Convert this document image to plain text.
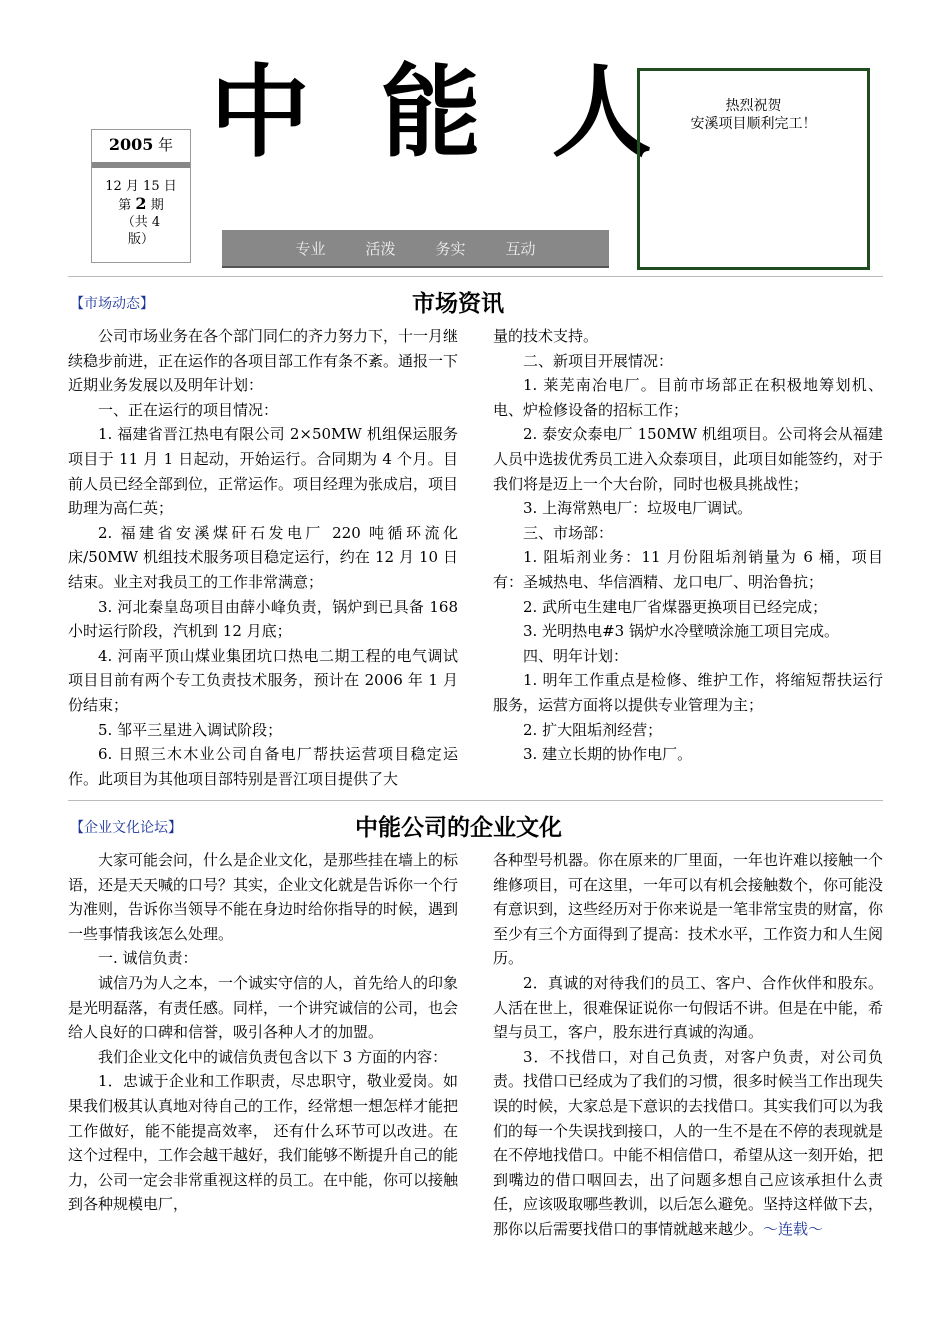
中 能 人
2005 年
12 月 15 日
第 2 期
（共 4 版）	专业	活泼	务实	互动
热烈祝贺
安溪项目顺利完工！
【市场动态】	市场资讯

公司市场业务在各个部门同仁的齐力努力下，十一月继续稳步前进，正在运作的各项目部工作有条不紊。通报一下近期业务发展以及明年计划：

一、正在运行的项目情况：

1. 福建省晋江热电有限公司 2×50MW 机组保运服务项目于 11 月 1 日起动，开始运行。合同期为 4 个月。目前人员已经全部到位，正常运作。项目经理为张成启，项目助理为高仁英；

2. 福建省安溪煤矸石发电厂 220 吨循环流化床/50MW 机组技术服务项目稳定运行，约在 12 月 10 日结束。业主对我员工的工作非常满意；

3. 河北秦皇岛项目由薛小峰负责，锅炉到已具备 168 小时运行阶段，汽机到 12 月底；

4. 河南平顶山煤业集团坑口热电二期工程的电气调试项目目前有两个专工负责技术服务，预计在 2006 年 1 月份结束；

5. 邹平三星进入调试阶段；

6. 日照三木木业公司自备电厂帮扶运营项目稳定运作。此项目为其他项目部特别是晋江项目提供了大

量的技术支持。

二、新项目开展情况：

1. 莱芜南冶电厂。目前市场部正在积极地筹划机、电、炉检修设备的招标工作；

2. 泰安众泰电厂 150MW 机组项目。公司将会从福建人员中选拔优秀员工进入众泰项目，此项目如能签约，对于我们将是迈上一个大台阶，同时也极具挑战性；

3. 上海常熟电厂：垃圾电厂调试。

三、市场部：

1. 阻垢剂业务：11 月份阻垢剂销量为 6 桶，项目有：圣城热电、华信酒精、龙口电厂、明治鲁抗；

2. 武所屯生建电厂省煤器更换项目已经完成；

3. 光明热电#3 锅炉水冷壁喷涂施工项目完成。

四、明年计划：

1. 明年工作重点是检修、维护工作，将缩短帮扶运行服务，运营方面将以提供专业管理为主；

2. 扩大阻垢剂经营；

3. 建立长期的协作电厂。

【企业文化论坛】	中能公司的企业文化

大家可能会问，什么是企业文化，是那些挂在墙上的标语，还是天天喊的口号？其实，企业文化就是告诉你一个行为准则，告诉你当领导不能在身边时给你指导的时候，遇到一些事情我该怎么处理。

一. 诚信负责：

诚信乃为人之本，一个诚实守信的人，首先给人的印象是光明磊落，有责任感。同样，一个讲究诚信的公司，也会给人良好的口碑和信誉，吸引各种人才的加盟。

我们企业文化中的诚信负责包含以下 3 方面的内容：

1．忠诚于企业和工作职责，尽忠职守，敬业爱岗。如果我们极其认真地对待自己的工作，经常想一想怎样才能把工作做好，能不能提高效率， 还有什么环节可以改进。在这个过程中，工作会越干越好，我们能够不断提升自己的能力，公司一定会非常重视这样的员工。在中能，你可以接触到各种规模电厂，

各种型号机器。你在原来的厂里面，一年也许难以接触一个维修项目，可在这里，一年可以有机会接触数个，你可能没有意识到，这些经历对于你来说是一笔非常宝贵的财富，你至少有三个方面得到了提高：技术水平，工作资力和人生阅历。

2．真诚的对待我们的员工、客户、合作伙伴和股东。人活在世上，很难保证说你一句假话不讲。但是在中能，希望与员工，客户，股东进行真诚的沟通。

3．不找借口，对自己负责，对客户负责，对公司负责。找借口已经成为了我们的习惯，很多时候当工作出现失误的时候，大家总是下意识的去找借口。其实我们可以为我们的每一个失误找到接口，人的一生不是在不停的表现就是在不停地找借口。中能不相信借口，希望从这一刻开始，把到嘴边的借口咽回去，出了问题多想自己应该承担什么责任，应该吸取哪些教训，以后怎么避免。坚持这样做下去，那你以后需要找借口的事情就越来越少。～连载～
